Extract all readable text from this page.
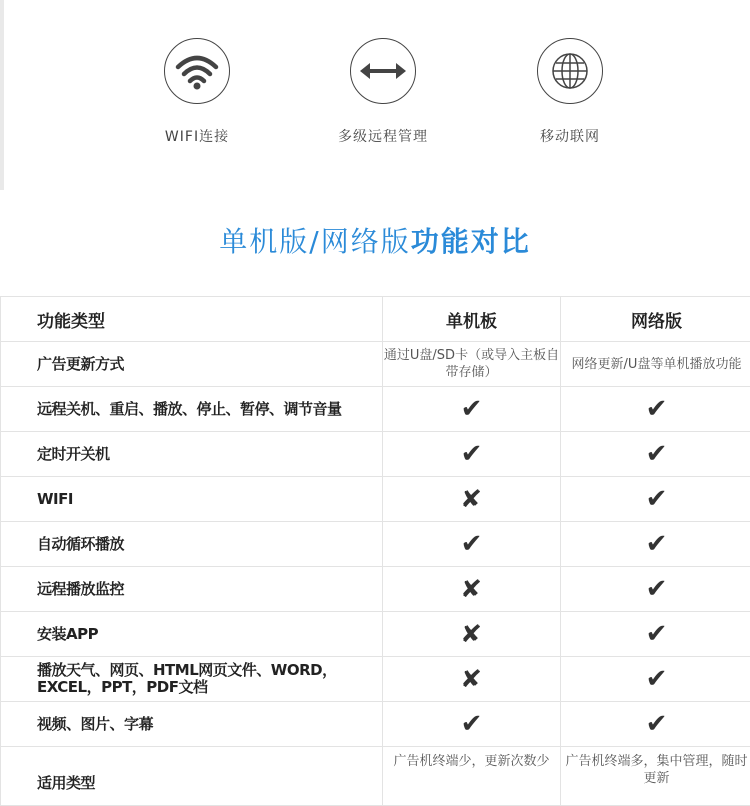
WIFI连接	多级远程管理	移动联网
单机版/网络版功能对比
功能类型	单机板	网络版
广告更新方式	通过U盘/SD卡（或导入主板自带存储）	网络更新/U盘等单机播放功能
远程关机、重启、播放、停止、暂停、调节音量	✔	✔
定时开关机	✔	✔
WIFI	✘	✔
自动循环播放	✔	✔
远程播放监控	✘	✔
安装APP	✘	✔
播放天气、网页、HTML网页文件、WORD，EXCEL，PPT，PDF文档	✘	✔
视频、图片、字幕	✔	✔
适用类型	广告机终端少，更新次数少	广告机终端多，集中管理，随时更新
